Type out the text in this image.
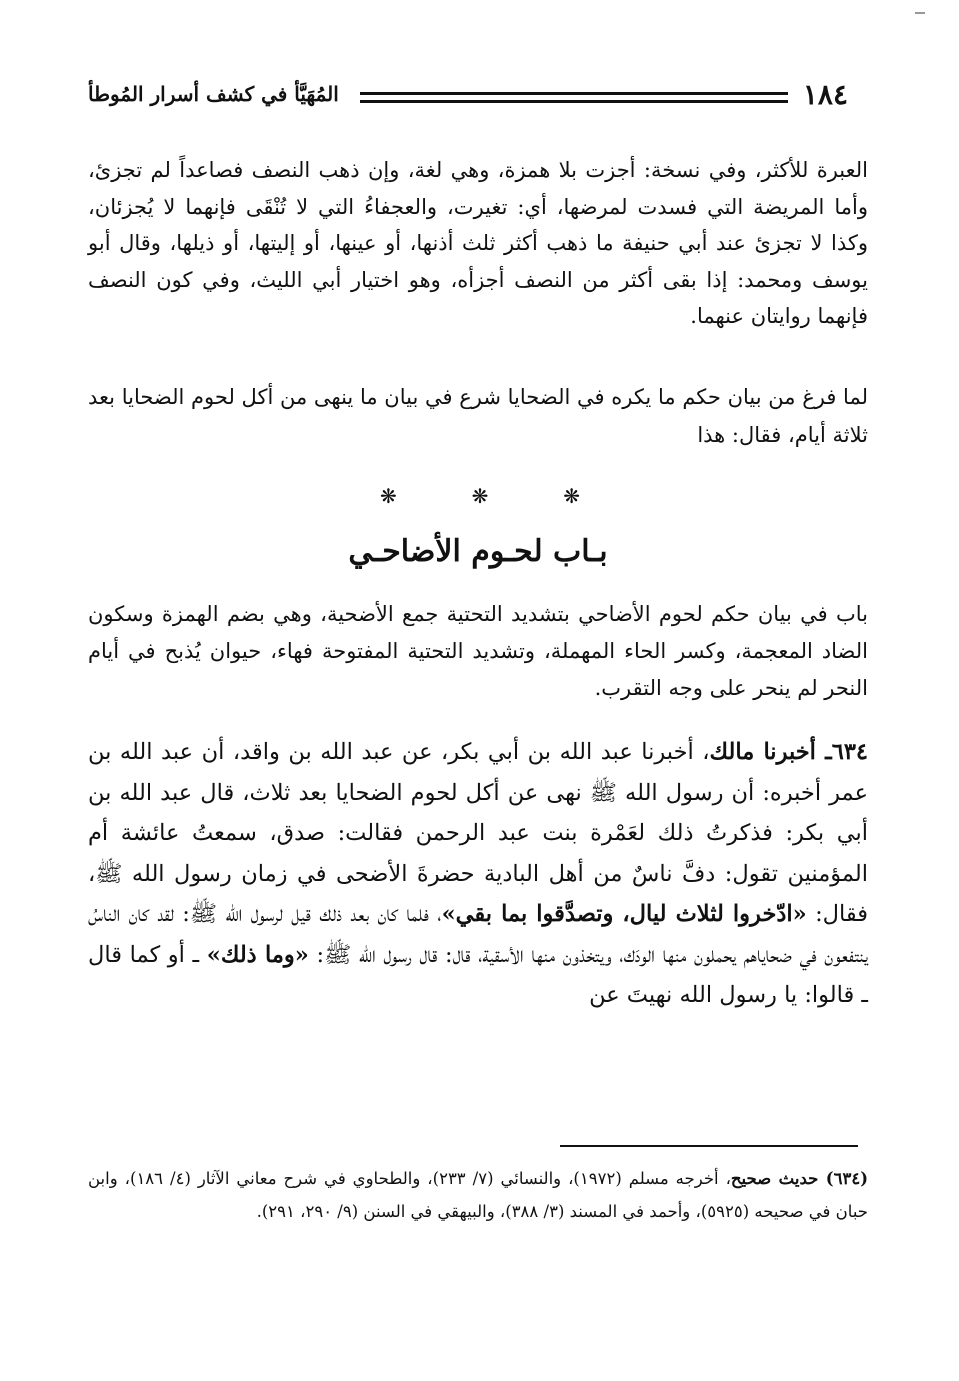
١٨٤
المُهَيَّأ في كشف أسرار المُوطأ
العبرة للأكثر، وفي نسخة: أجزت بلا همزة، وهي لغة، وإن ذهب النصف فصاعداً لم تجزئ، وأما المريضة التي فسدت لمرضها، أي: تغيرت، والعجفاءُ التي لا تُنْقَى فإنهما لا يُجزئان، وكذا لا تجزئ عند أبي حنيفة ما ذهب أكثر ثلث أذنها، أو عينها، أو إليتها، أو ذيلها، وقال أبو يوسف ومحمد: إذا بقى أكثر من النصف أجزأه، وهو اختيار أبي الليث، وفي كون النصف فإنهما روايتان عنهما.
لما فرغ من بيان حكم ما يكره في الضحايا شرع في بيان ما ينهى من أكل لحوم الضحايا بعد ثلاثة أيام، فقال: هذا
❋	❋	❋
بـاب لحـوم الأضاحـي
باب في بيان حكم لحوم الأضاحي بتشديد التحتية جمع الأضحية، وهي بضم الهمزة وسكون الضاد المعجمة، وكسر الحاء المهملة، وتشديد التحتية المفتوحة فهاء، حيوان يُذبح في أيام النحر لم ينحر على وجه التقرب.
٦٣٤ـ أخبرنا مالك، أخبرنا عبد الله بن أبي بكر، عن عبد الله بن واقد، أن عبد الله بن عمر أخبره: أن رسول الله ﷺ نهى عن أكل لحوم الضحايا بعد ثلاث، قال عبد الله بن أبي بكر: فذكرتُ ذلك لعَمْرة بنت عبد الرحمن فقالت: صدق، سمعتُ عائشة أم المؤمنين تقول: دفَّ ناسٌ من أهل البادية حضرةَ الأضحى في زمان رسول الله ﷺ، فقال: «ادّخروا لثلاث ليال، وتصدَّقوا بما بقي»، فلما كان بعد ذلك قيل لرسول الله ﷺ: لقد كان الناسُ ينتفعون في ضحاياهم يحملون منها الودَك، ويتخذون منها الأسقية، قال: قال رسول الله ﷺ: «وما ذلك» ـ أو كما قال ـ قالوا: يا رسول الله نهيتَ عن
(٦٣٤) حديث صحيح، أخرجه مسلم (١٩٧٢)، والنسائي (٧/ ٢٣٣)، والطحاوي في شرح معاني الآثار (٤/ ١٨٦)، وابن حبان في صحيحه (٥٩٢٥)، وأحمد في المسند (٣/ ٣٨٨)، والبيهقي في السنن (٩/ ٢٩٠، ٢٩١).
